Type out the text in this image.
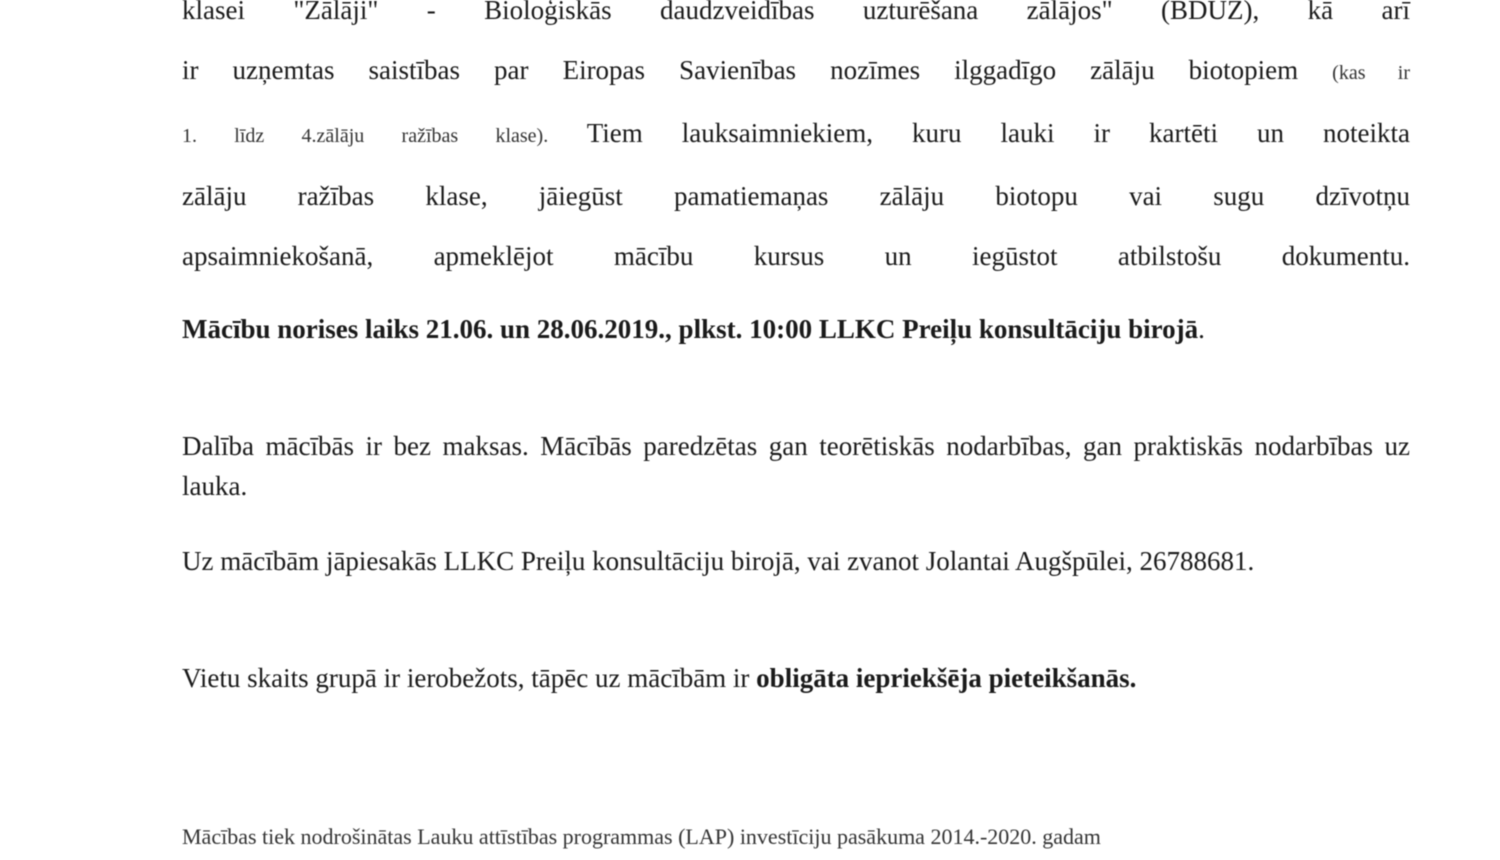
klasei "Zālāji" - Bioloģiskās daudzveidības uzturēšana zālājos" (BDUZ), kā arī
ir uzņemtas saistības par Eiropas Savienības nozīmes ilggadīgo zālāju biotopiem (kas ir
1. līdz 4.zālāju ražības klase). Tiem lauksaimniekiem, kuru lauki ir kartēti un noteikta
zālāju ražības klase, jāiegūst pamatiemaņas zālāju biotopu vai sugu dzīvotņu
apsaimniekošanā, apmeklējot mācību kursus un iegūstot atbilstošu dokumentu.

Mācību norises laiks 21.06. un 28.06.2019., plkst. 10:00 LLKC Preiļu konsultāciju birojā.

Dalība mācībās ir bez maksas. Mācībās paredzētas gan teorētiskās nodarbības, gan praktiskās nodarbības uz lauka.

Uz mācībām jāpiesakās LLKC Preiļu konsultāciju birojā, vai zvanot Jolantai Augšpūlei, 26788681.

Vietu skaits grupā ir ierobežots, tāpēc uz mācībām ir obligāta iepriekšēja pieteikšanās.

Mācības tiek nodrošinātas Lauku attīstības programmas (LAP) investīciju pasākuma 2014.-2020. gadam
